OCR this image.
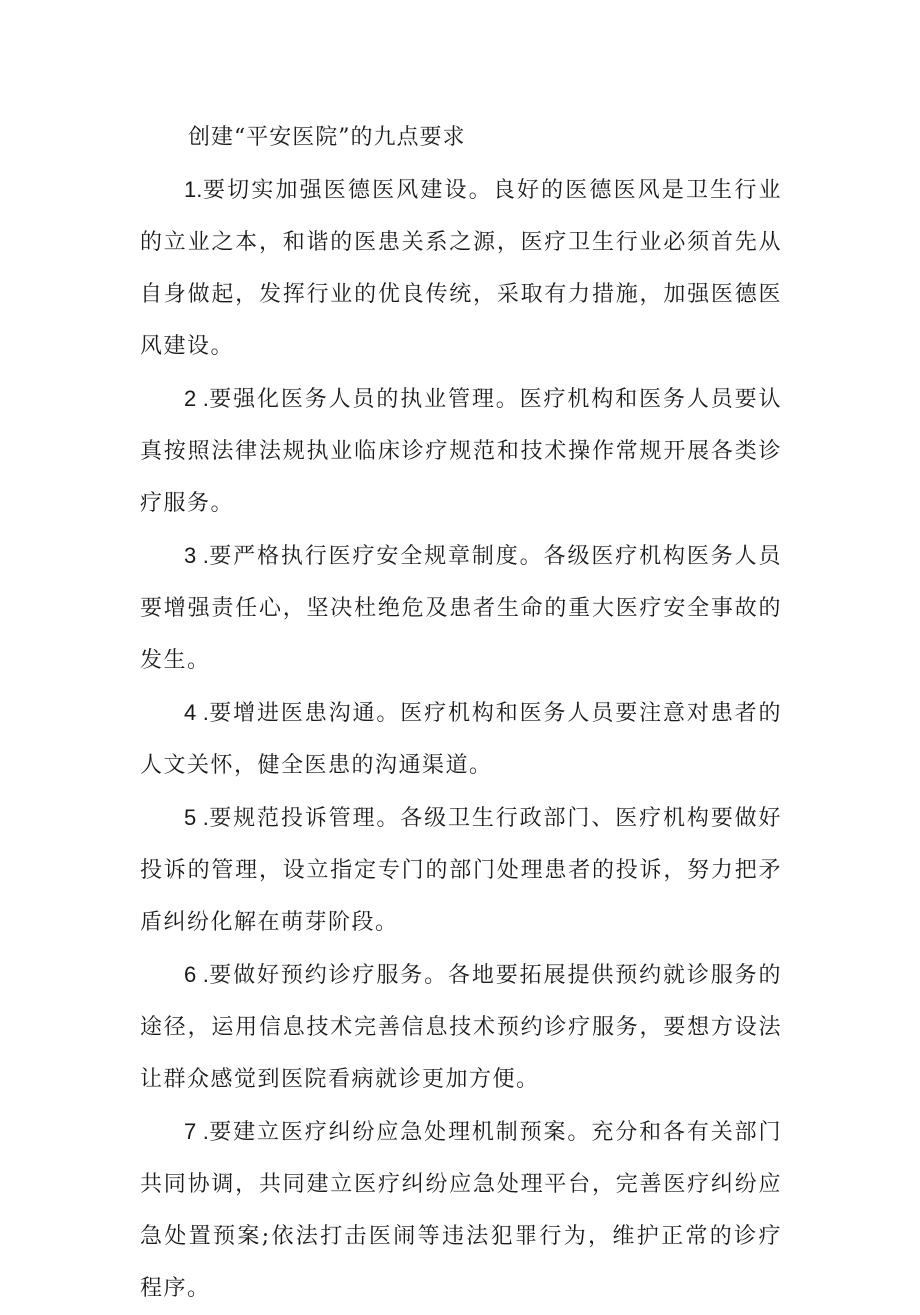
创建“平安医院”的九点要求

1.要切实加强医德医风建设。良好的医德医风是卫生行业的立业之本，和谐的医患关系之源，医疗卫生行业必须首先从自身做起，发挥行业的优良传统，采取有力措施，加强医德医风建设。

2 .要强化医务人员的执业管理。医疗机构和医务人员要认真按照法律法规执业临床诊疗规范和技术操作常规开展各类诊疗服务。

3 .要严格执行医疗安全规章制度。各级医疗机构医务人员要增强责任心，坚决杜绝危及患者生命的重大医疗安全事故的发生。

4 .要增进医患沟通。医疗机构和医务人员要注意对患者的人文关怀，健全医患的沟通渠道。

5 .要规范投诉管理。各级卫生行政部门、医疗机构要做好投诉的管理，设立指定专门的部门处理患者的投诉，努力把矛盾纠纷化解在萌芽阶段。

6 .要做好预约诊疗服务。各地要拓展提供预约就诊服务的途径，运用信息技术完善信息技术预约诊疗服务，要想方设法让群众感觉到医院看病就诊更加方便。

7 .要建立医疗纠纷应急处理机制预案。充分和各有关部门共同协调，共同建立医疗纠纷应急处理平台，完善医疗纠纷应急处置预案;依法打击医闹等违法犯罪行为，维护正常的诊疗程序。
